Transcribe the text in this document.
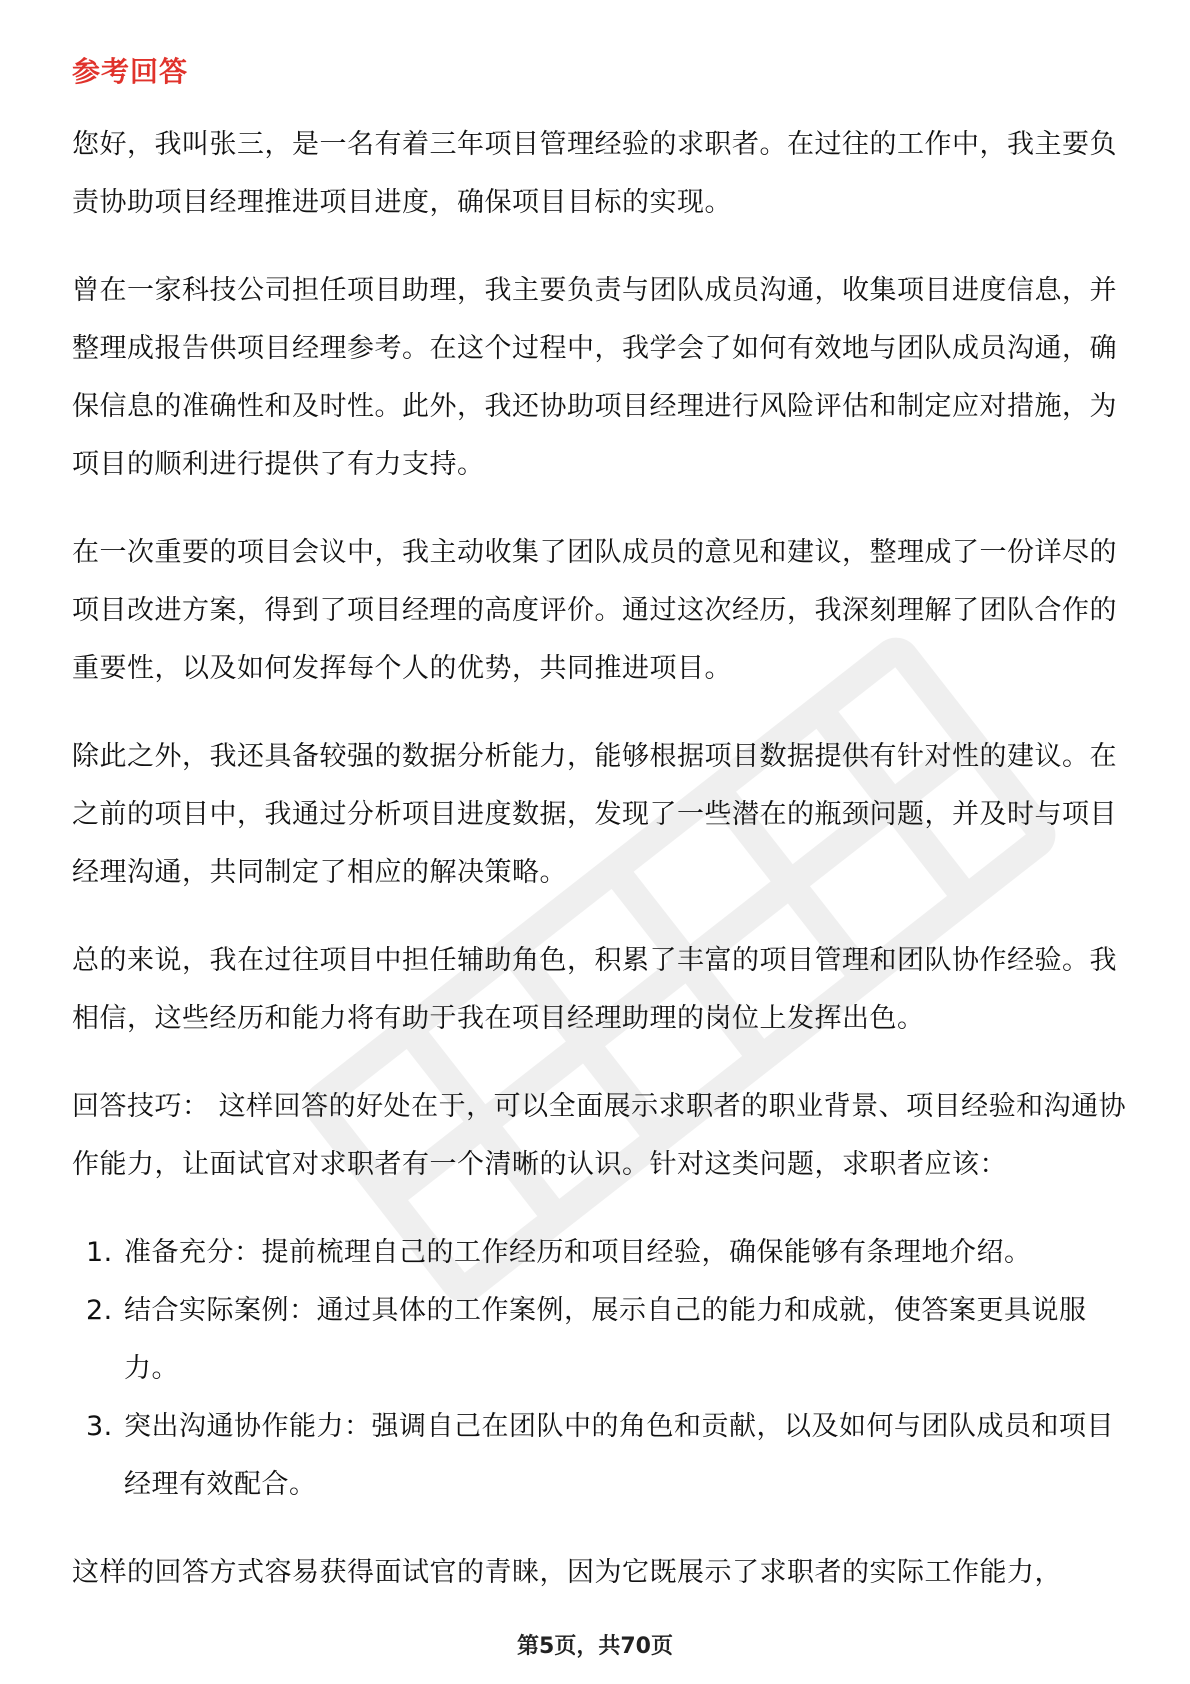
参考回答

您好，我叫张三，是一名有着三年项目管理经验的求职者。在过往的工作中，我主要负责协助项目经理推进项目进度，确保项目目标的实现。

曾在一家科技公司担任项目助理，我主要负责与团队成员沟通，收集项目进度信息，并整理成报告供项目经理参考。在这个过程中，我学会了如何有效地与团队成员沟通，确保信息的准确性和及时性。此外，我还协助项目经理进行风险评估和制定应对措施，为项目的顺利进行提供了有力支持。

在一次重要的项目会议中，我主动收集了团队成员的意见和建议，整理成了一份详尽的项目改进方案，得到了项目经理的高度评价。通过这次经历，我深刻理解了团队合作的重要性，以及如何发挥每个人的优势，共同推进项目。

除此之外，我还具备较强的数据分析能力，能够根据项目数据提供有针对性的建议。在之前的项目中，我通过分析项目进度数据，发现了一些潜在的瓶颈问题，并及时与项目经理沟通，共同制定了相应的解决策略。

总的来说，我在过往项目中担任辅助角色，积累了丰富的项目管理和团队协作经验。我相信，这些经历和能力将有助于我在项目经理助理的岗位上发挥出色。

回答技巧： 这样回答的好处在于，可以全面展示求职者的职业背景、项目经验和沟通协作能力，让面试官对求职者有一个清晰的认识。针对这类问题，求职者应该：

1. 准备充分：提前梳理自己的工作经历和项目经验，确保能够有条理地介绍。
2. 结合实际案例：通过具体的工作案例，展示自己的能力和成就，使答案更具说服力。
3. 突出沟通协作能力：强调自己在团队中的角色和贡献，以及如何与团队成员和项目经理有效配合。

这样的回答方式容易获得面试官的青睐，因为它既展示了求职者的实际工作能力，

第5页，共70页
